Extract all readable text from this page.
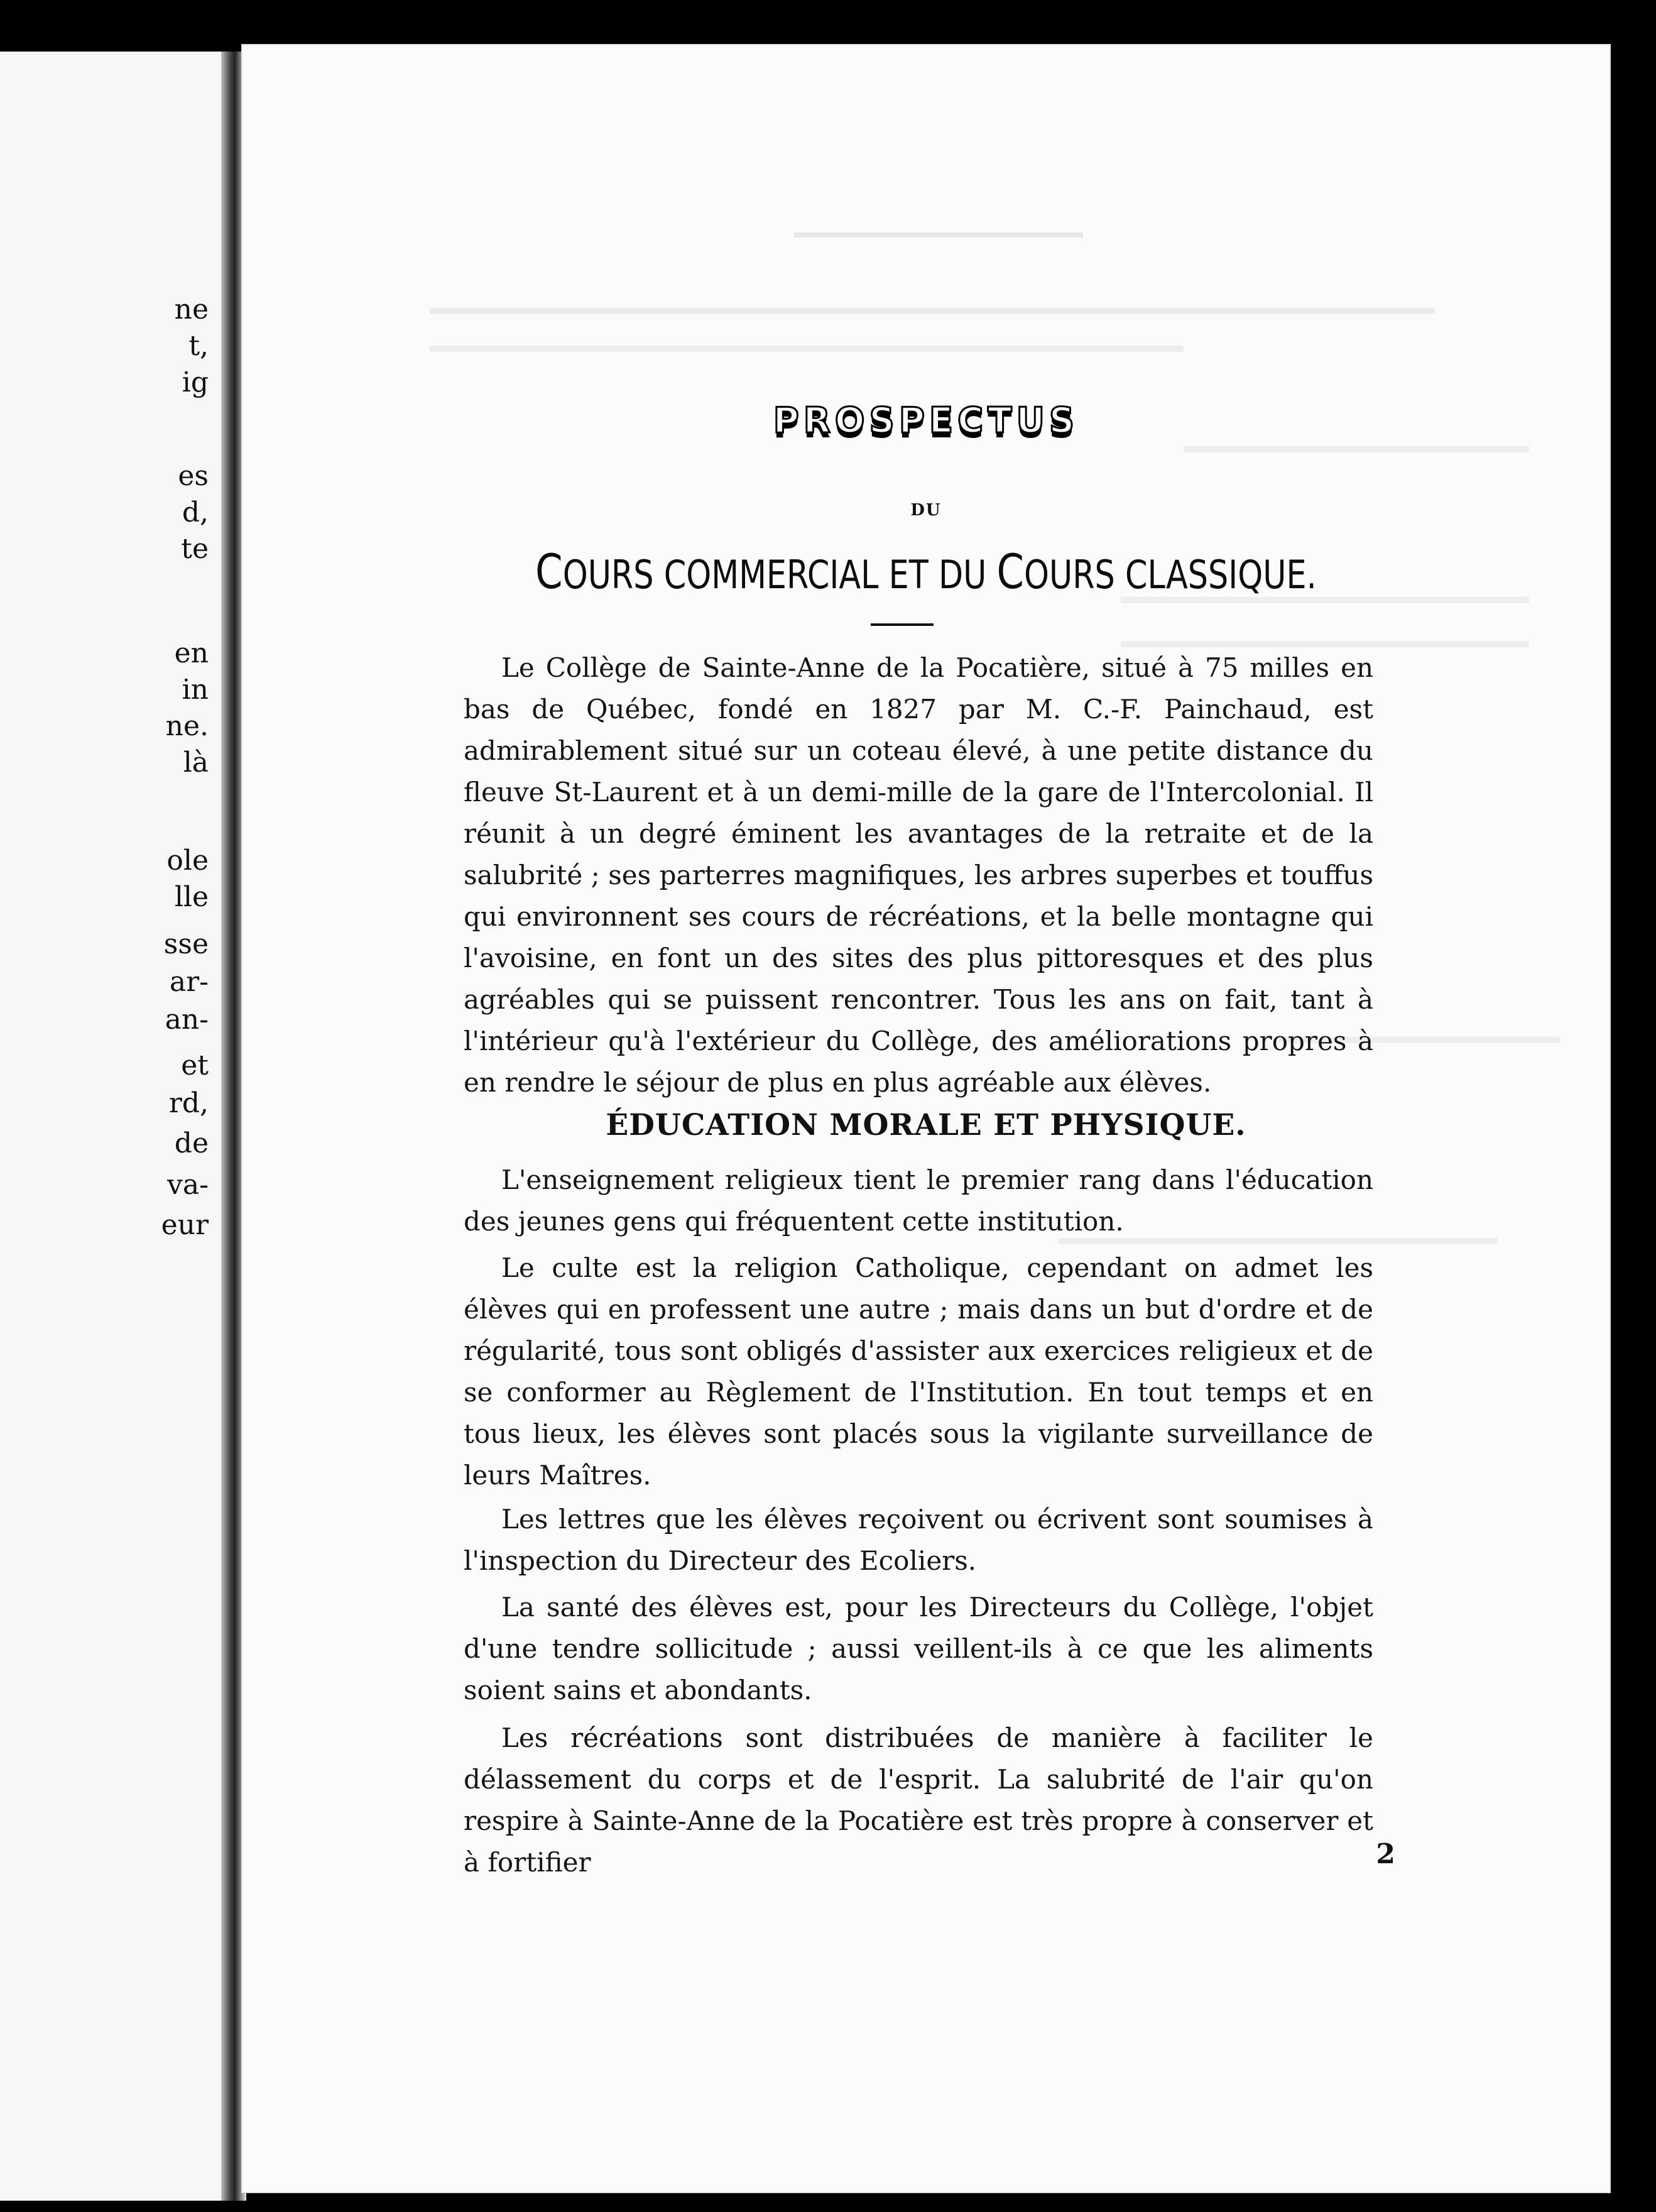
ne
t,
ig
es
d,
te
en
in
ne.
là
ole
lle
sse
ar-
an-
et
rd,
de
va-
eur
PROSPECTUS
DU
COURS COMMERCIAL ET DU COURS CLASSIQUE.

Le Collège de Sainte-Anne de la Pocatière, situé à 75 milles en bas de Québec, fondé en 1827 par M. C.-F. Painchaud, est admirablement situé sur un coteau élevé, à une petite distance du fleuve St-Laurent et à un demi-mille de la gare de l'Intercolonial. Il réunit à un degré éminent les avantages de la retraite et de la salubrité ; ses parterres magnifiques, les arbres superbes et touffus qui environnent ses cours de récréations, et la belle montagne qui l'avoisine, en font un des sites des plus pittoresques et des plus agréables qui se puissent rencontrer. Tous les ans on fait, tant à l'intérieur qu'à l'extérieur du Collège, des améliorations propres à en rendre le séjour de plus en plus agréable aux élèves.

ÉDUCATION MORALE ET PHYSIQUE.

L'enseignement religieux tient le premier rang dans l'éducation des jeunes gens qui fréquentent cette institution.

Le culte est la religion Catholique, cependant on admet les élèves qui en professent une autre ; mais dans un but d'ordre et de régularité, tous sont obligés d'assister aux exercices religieux et de se conformer au Règlement de l'Institution. En tout temps et en tous lieux, les élèves sont placés sous la vigilante surveillance de leurs Maîtres.

Les lettres que les élèves reçoivent ou écrivent sont soumises à l'inspection du Directeur des Ecoliers.

La santé des élèves est, pour les Directeurs du Collège, l'objet d'une tendre sollicitude ; aussi veillent-ils à ce que les aliments soient sains et abondants.

Les récréations sont distribuées de manière à faciliter le délassement du corps et de l'esprit. La salubrité de l'air qu'on respire à Sainte-Anne de la Pocatière est très propre à conserver et à fortifier	2
